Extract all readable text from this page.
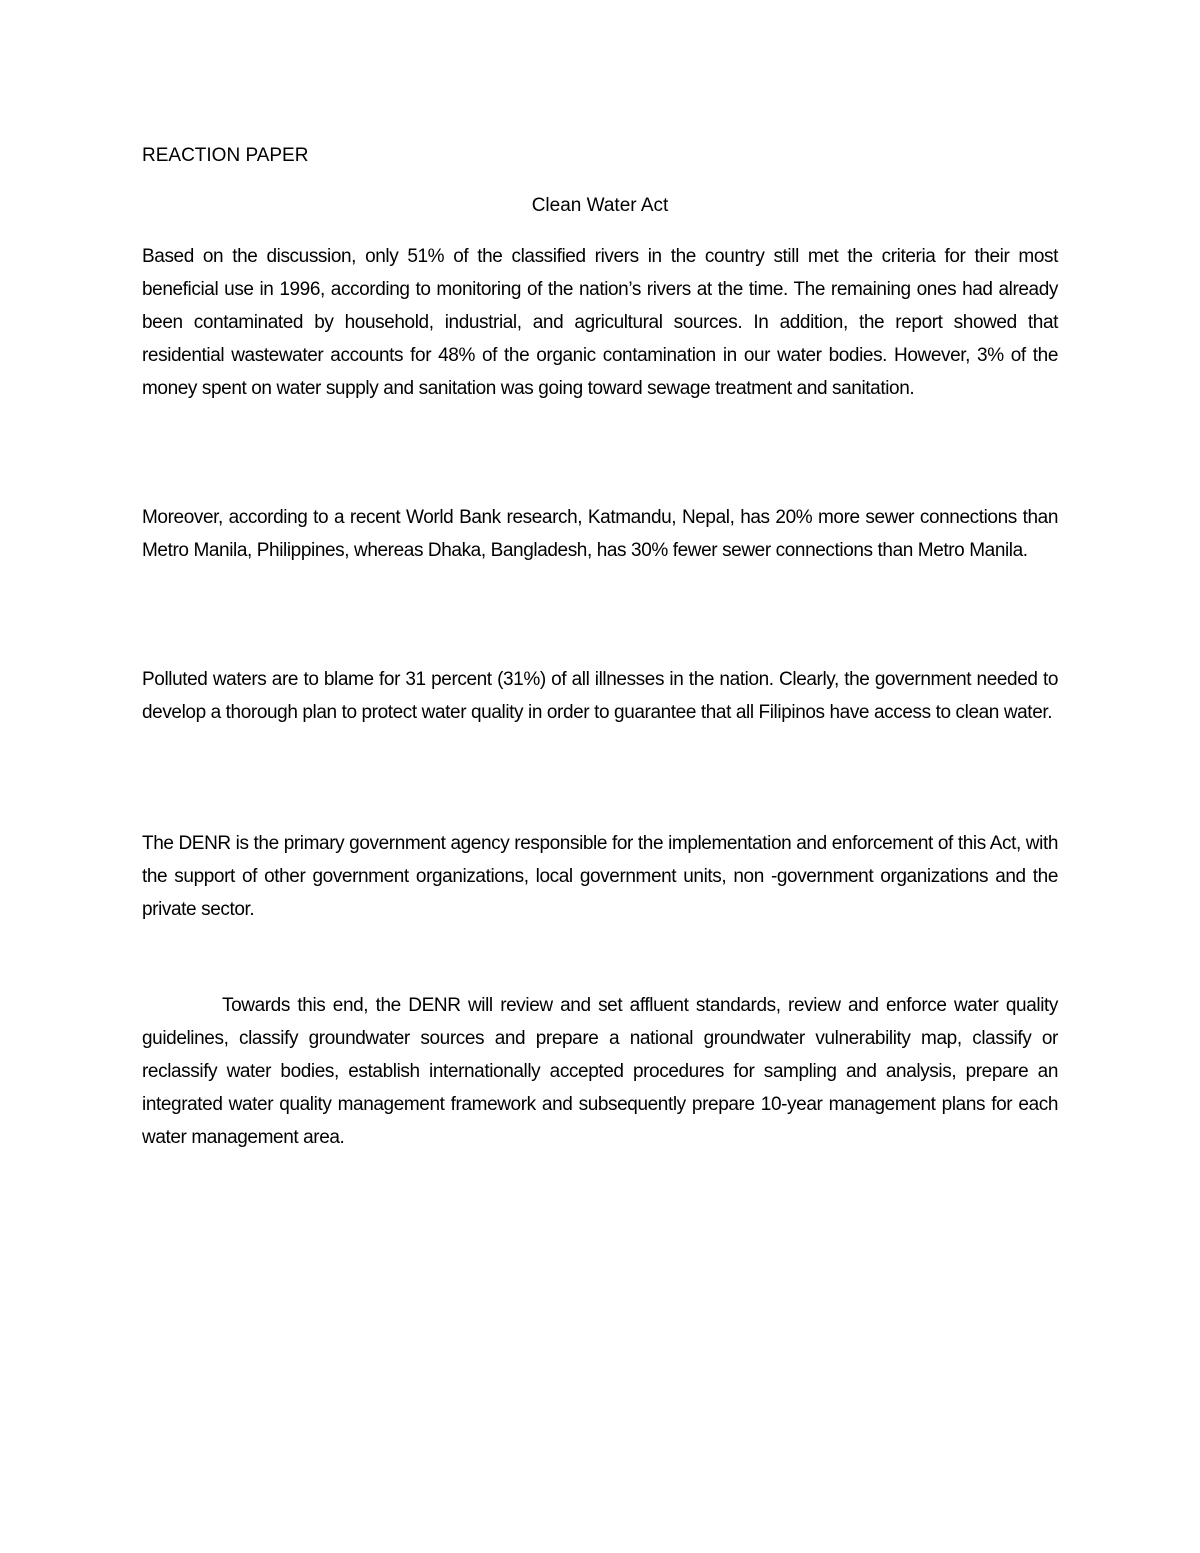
REACTION PAPER
Clean Water Act

Based on the discussion, only 51% of the classified rivers in the country still met the criteria for their most beneficial use in 1996, according to monitoring of the nation’s rivers at the time. The remaining ones had already been contaminated by household, industrial, and agricultural sources. In addition, the report showed that residential wastewater accounts for 48% of the organic contamination in our water bodies. However, 3% of the money spent on water supply and sanitation was going toward sewage treatment and sanitation.

Moreover, according to a recent World Bank research, Katmandu, Nepal, has 20% more sewer connections than Metro Manila, Philippines, whereas Dhaka, Bangladesh, has 30% fewer sewer connections than Metro Manila.

Polluted waters are to blame for 31 percent (31%) of all illnesses in the nation. Clearly, the government needed to develop a thorough plan to protect water quality in order to guarantee that all Filipinos have access to clean water.

The DENR is the primary government agency responsible for the implementation and enforcement of this Act, with the support of other government organizations, local government units, non -government organizations and the private sector.

Towards this end, the DENR will review and set affluent standards, review and enforce water quality guidelines, classify groundwater sources and prepare a national groundwater vulnerability map, classify or reclassify water bodies, establish internationally accepted procedures for sampling and analysis, prepare an integrated water quality management framework and subsequently prepare 10-year management plans for each water management area.
